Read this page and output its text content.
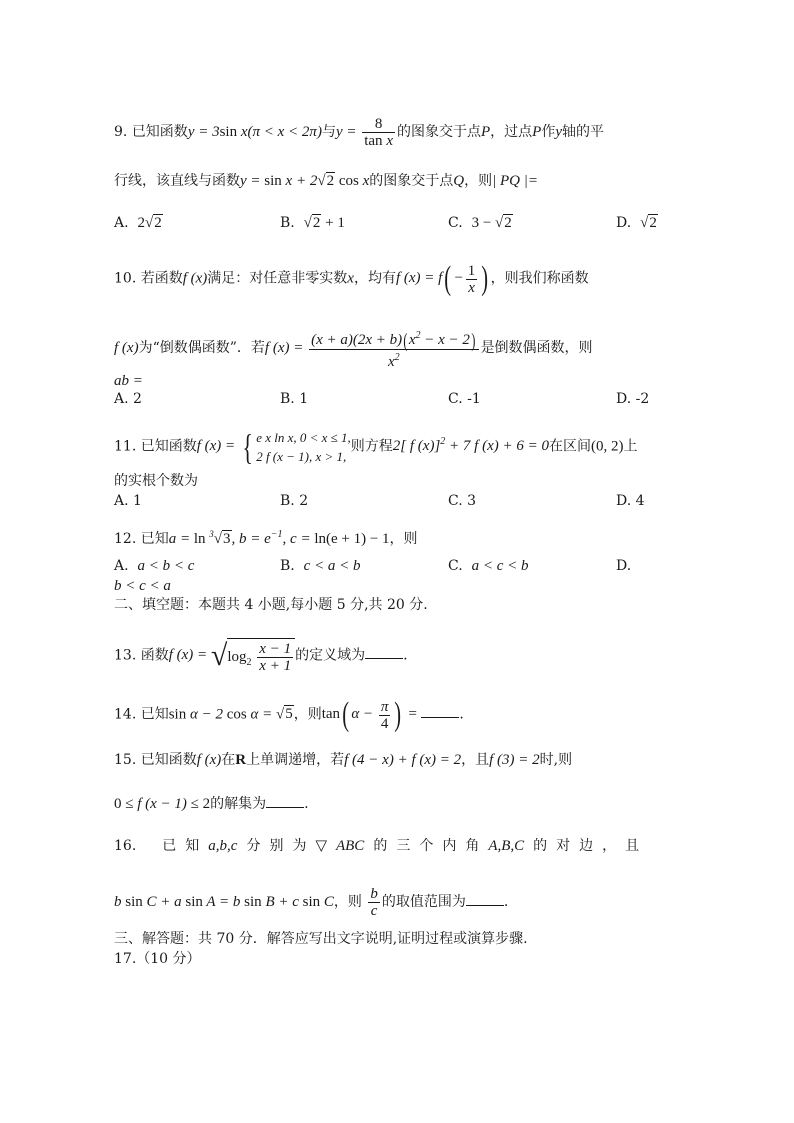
9. 已知函数y = 3sin x(π < x < 2π)与$y = \frac{8}{\text{tan x}}$ 的图象交于点P，过点P作y轴的平
行线，该直线与函数y = sin x + 2√2 cos x的图象交于点Q，则| PQ |=
A. 2√2	B. √2 + 1	C. 3 − √2	D. √2
10. 若函数f (x)满足：对任意非零实数x，均有f $(x) = f( - \frac{1}{x}$ ) ，则我们称函数
f (x)为“倒数偶函数”．若f $(x) = \frac{(x + a)(2x + b)(x^2 - x - 2)}{x^2}$ 是倒数偶函数，则
ab =
A. 2	B. 1	C. -1	D. -2
11. 已知函数f (x) = { e x ln x, 0 < x ≤ 1,
2 f (x − 1), x > 1,
则方程2[ f (x)]$^2$ + 7 f (x) + 6 = 0在区间(0, 2)上
的实根个数为
A. 1	B. 2	C. 3	D. 4
12. 已知a = ln $^3$√3, $b = e^{-1}$, c = ln(e + 1) − 1，则
A. a < b < c	B. c < a < b	C. a < c < b	D.
b < c < a
二、填空题：本题共 4 小题,每小题 5 分,共 20 分.
13. 函数f $(x) = √\log_2 \frac{x - 1}{x + 1}$ 的定义域为	.
14. 已知sin α − 2 cos α = √5，则tan( $\alpha - \frac{\pi}{4}$ ) =	.
15. 已知函数f (x)在R上单调递增，若f (4 − x) + f (x) = 2，且f (3) = 2时,则
0 ≤ f (x − 1) ≤ 2的解集为	.
16. 已 知 a,b,c 分 别 为 ▽ ABC 的 三 个 内 角 A,B,C 的 对 边 ， 且
b sin C + a sin A = b sin B + c sin C，则 $\frac{b}{c}$ 的取值范围为	.
三、解答题：共 70 分．解答应写出文字说明,证明过程或演算步骤.
17.（10 分）
